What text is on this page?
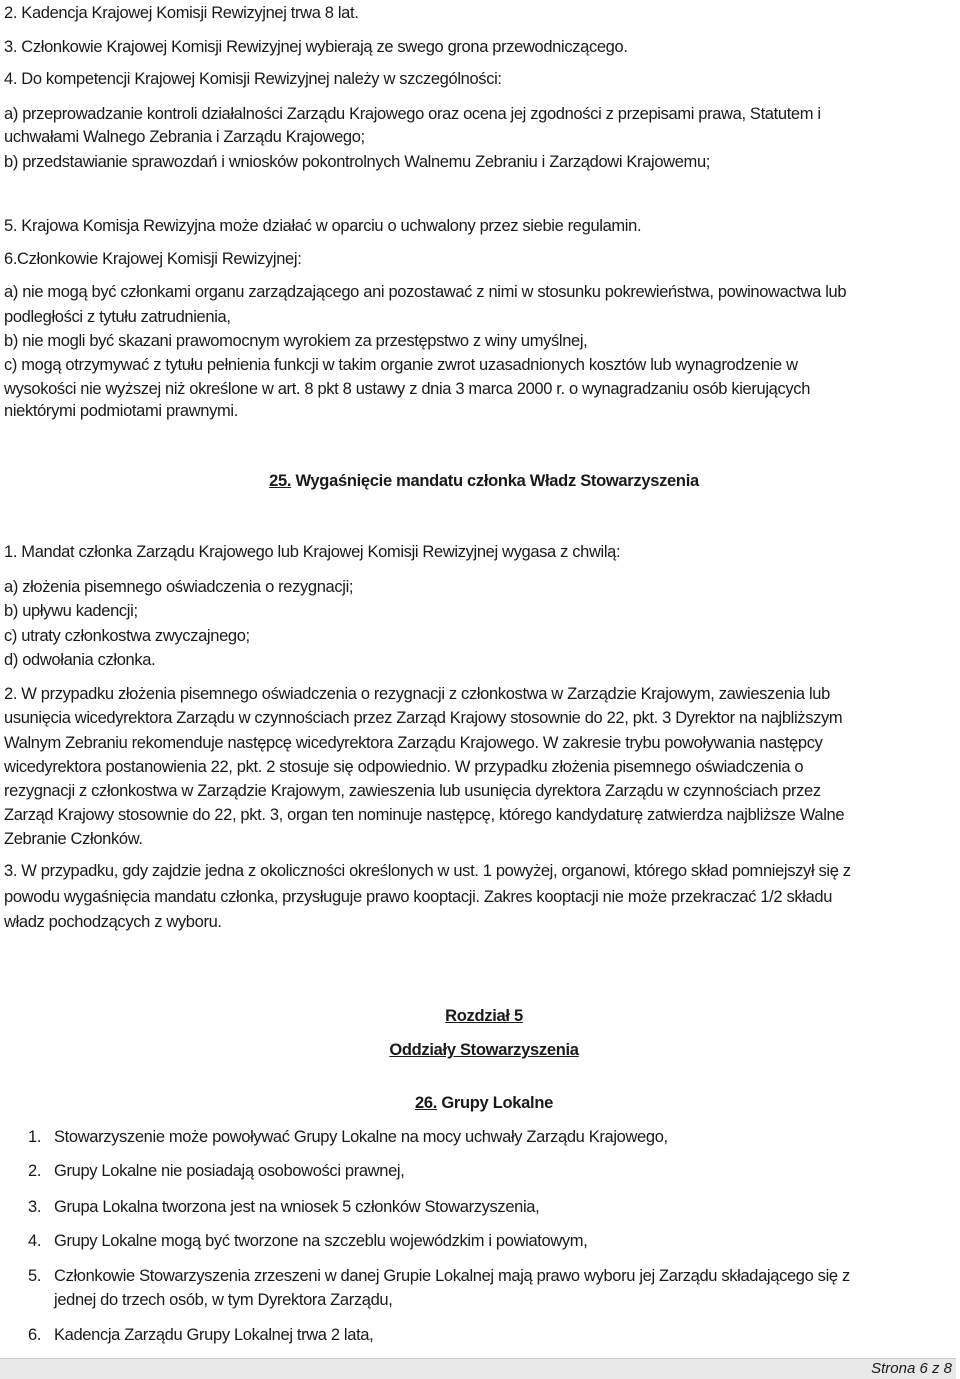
2. Kadencja Krajowej Komisji Rewizyjnej trwa 8 lat.
3. Członkowie Krajowej Komisji Rewizyjnej wybierają ze swego grona przewodniczącego.
4. Do kompetencji Krajowej Komisji Rewizyjnej należy w szczególności:
a) przeprowadzanie kontroli działalności Zarządu Krajowego oraz ocena jej zgodności z przepisami prawa, Statutem i
uchwałami Walnego Zebrania i Zarządu Krajowego;
b) przedstawianie sprawozdań i wniosków pokontrolnych Walnemu Zebraniu i Zarządowi Krajowemu;
5. Krajowa Komisja Rewizyjna może działać w oparciu o uchwalony przez siebie regulamin.
6.Członkowie Krajowej Komisji Rewizyjnej:
a) nie mogą być członkami organu zarządzającego ani pozostawać z nimi w stosunku pokrewieństwa, powinowactwa lub
podległości z tytułu zatrudnienia,
b) nie mogli być skazani prawomocnym wyrokiem za przestępstwo z winy umyślnej,
c) mogą otrzymywać z tytułu pełnienia funkcji w takim organie zwrot uzasadnionych kosztów lub wynagrodzenie w
wysokości nie wyższej niż określone w art. 8 pkt 8 ustawy z dnia 3 marca 2000 r. o wynagradzaniu osób kierujących
niektórymi podmiotami prawnymi.
25. Wygaśnięcie mandatu członka Władz Stowarzyszenia
1. Mandat członka Zarządu Krajowego lub Krajowej Komisji Rewizyjnej wygasa z chwilą:
a) złożenia pisemnego oświadczenia o rezygnacji;
b) upływu kadencji;
c) utraty członkostwa zwyczajnego;
d) odwołania członka.
2. W przypadku złożenia pisemnego oświadczenia o rezygnacji z członkostwa w Zarządzie Krajowym, zawieszenia lub
usunięcia wicedyrektora Zarządu w czynnościach przez Zarząd Krajowy stosownie do 22, pkt. 3 Dyrektor na najbliższym
Walnym Zebraniu rekomenduje następcę wicedyrektora Zarządu Krajowego. W zakresie trybu powoływania następcy
wicedyrektora postanowienia 22, pkt. 2 stosuje się odpowiednio. W przypadku złożenia pisemnego oświadczenia o
rezygnacji z członkostwa w Zarządzie Krajowym, zawieszenia lub usunięcia dyrektora Zarządu w czynnościach przez
Zarząd Krajowy stosownie do 22, pkt. 3, organ ten nominuje następcę, którego kandydaturę zatwierdza najbliższe Walne
Zebranie Członków.
3. W przypadku, gdy zajdzie jedna z okoliczności określonych w ust. 1 powyżej, organowi, którego skład pomniejszył się z
powodu wygaśnięcia mandatu członka, przysługuje prawo kooptacji. Zakres kooptacji nie może przekraczać 1/2 składu
władz pochodzących z wyboru.
Rozdział 5
Oddziały Stowarzyszenia
26. Grupy Lokalne
1. Stowarzyszenie może powoływać Grupy Lokalne na mocy uchwały Zarządu Krajowego,
2. Grupy Lokalne nie posiadają osobowości prawnej,
3. Grupa Lokalna tworzona jest na wniosek 5 członków Stowarzyszenia,
4. Grupy Lokalne mogą być tworzone na szczeblu wojewódzkim i powiatowym,
5. Członkowie Stowarzyszenia zrzeszeni w danej Grupie Lokalnej mają prawo wyboru jej Zarządu składającego się z
jednej do trzech osób, w tym Dyrektora Zarządu,
6. Kadencja Zarządu Grupy Lokalnej trwa 2 lata,
Strona 6 z 8
